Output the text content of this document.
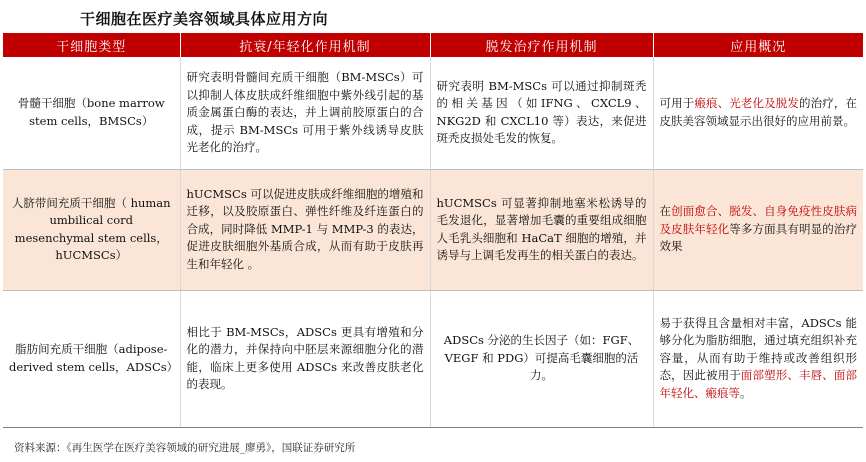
干细胞在医疗美容领域具体应用方向
干细胞类型	抗衰/年轻化作用机制	脱发治疗作用机制	应用概况
骨髓干细胞（bone marrow stem cells，BMSCs）	研究表明骨髓间充质干细胞（BM-MSCs）可以抑制人体皮肤成纤维细胞中紫外线引起的基质金属蛋白酶的表达，并上调前胶原蛋白的合成，提示 BM-MSCs 可用于紫外线诱导皮肤光老化的治疗。	研究表明 BM-MSCs 可以通过抑制斑秃的相关基因（如IFNG、CXCL9、NKG2D 和 CXCL10 等）表达，来促进斑秃皮损处毛发的恢复。	可用于瘢痕、光老化及脱发的治疗，在皮肤美容领域显示出很好的应用前景。
人脐带间充质干细胞（ human umbilical cord mesenchymal stem cells，hUCMSCs）	hUCMSCs 可以促进皮肤成纤维细胞的增殖和迁移，以及胶原蛋白、弹性纤维及纤连蛋白的合成，同时降低 MMP-1 与 MMP-3 的表达，促进皮肤细胞外基质合成，从而有助于皮肤再生和年轻化 。	hUCMSCs 可显著抑制地塞米松诱导的毛发退化，显著增加毛囊的重要组成细胞人毛乳头细胞和 HaCaT 细胞的增殖，并诱导与上调毛发再生的相关蛋白的表达。	在创面愈合、脱发、自身免疫性皮肤病及皮肤年轻化等多方面具有明显的治疗效果
脂肪间充质干细胞（adipose-derived stem cells，ADSCs）	相比于 BM-MSCs，ADSCs 更具有增殖和分化的潜力，并保持向中胚层来源细胞分化的潜能，临床上更多使用 ADSCs 来改善皮肤老化的表现。	ADSCs 分泌的生长因子（如：FGF、VEGF 和 PDG）可提高毛囊细胞的活力。	易于获得且含量相对丰富，ADSCs 能够分化为脂肪细胞，通过填充组织补充容量，从而有助于维持或改善组织形态，因此被用于面部塑形、丰唇、面部年轻化、瘢痕等。
资料来源：《再生医学在医疗美容领域的研究进展_廖勇》，国联证券研究所
